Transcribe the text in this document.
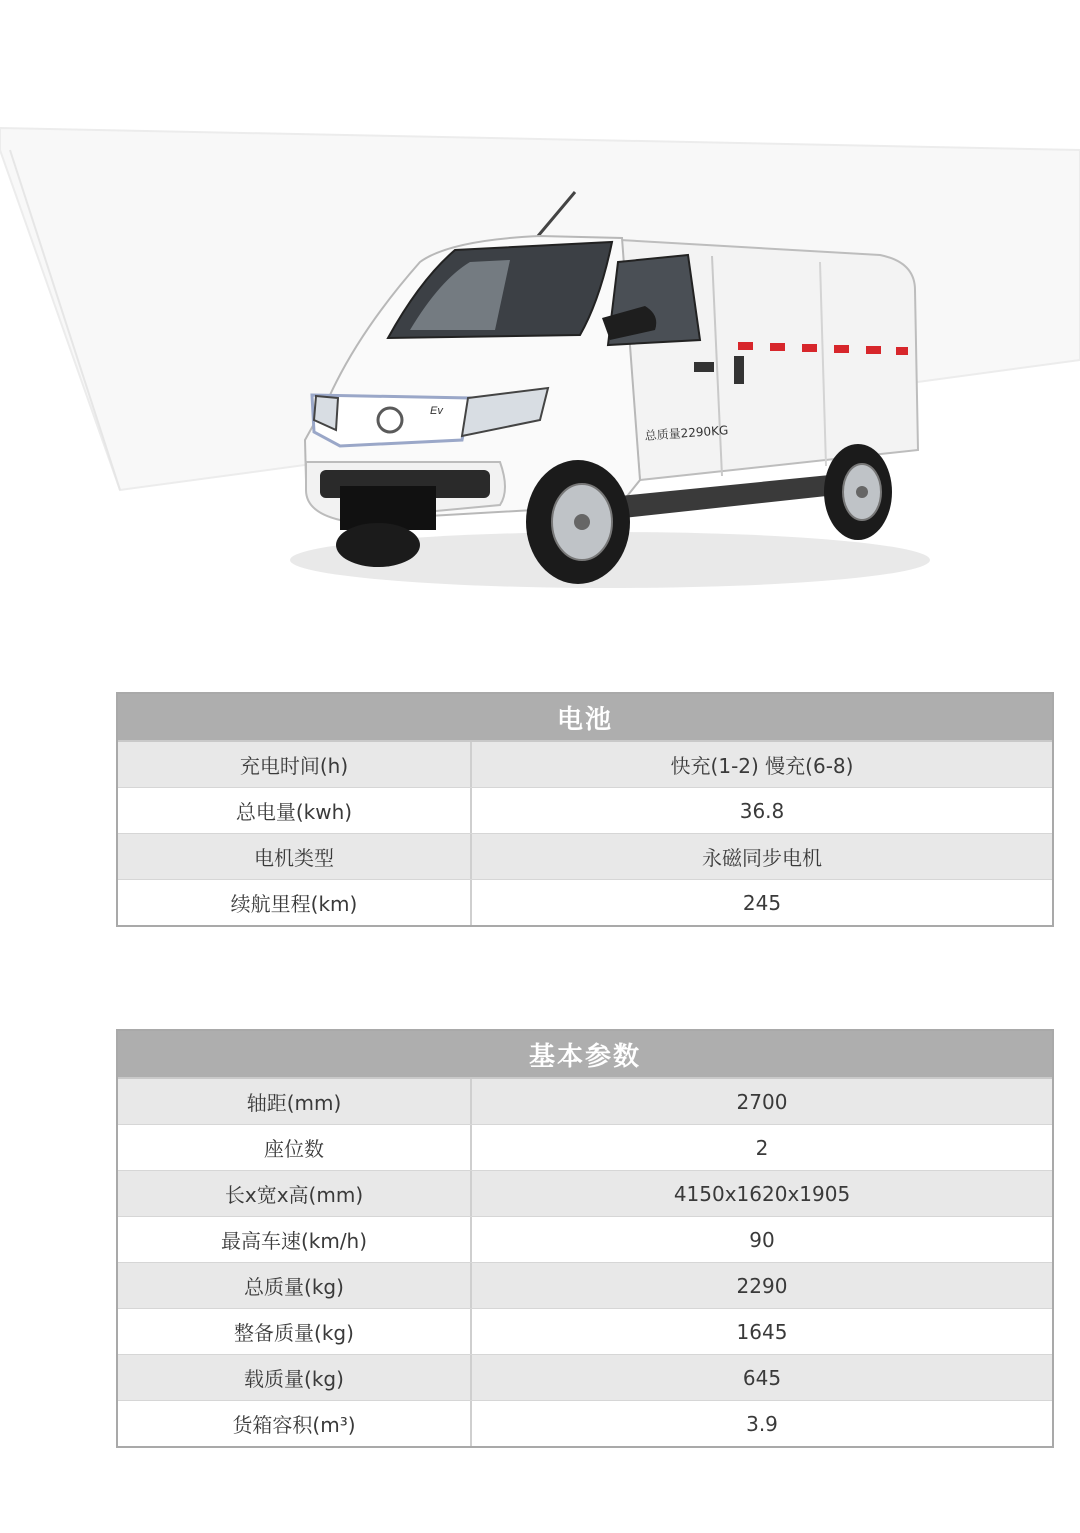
Ev
总质量2290KG
电池
充电时间(h)	快充(1-2) 慢充(6-8)
总电量(kwh)	36.8
电机类型	永磁同步电机
续航里程(km)	245
基本参数
轴距(mm)	2700
座位数	2
长x宽x高(mm)	4150x1620x1905
最高车速(km/h)	90
总质量(kg)	2290
整备质量(kg)	1645
载质量(kg)	645
货箱容积(m³)	3.9
